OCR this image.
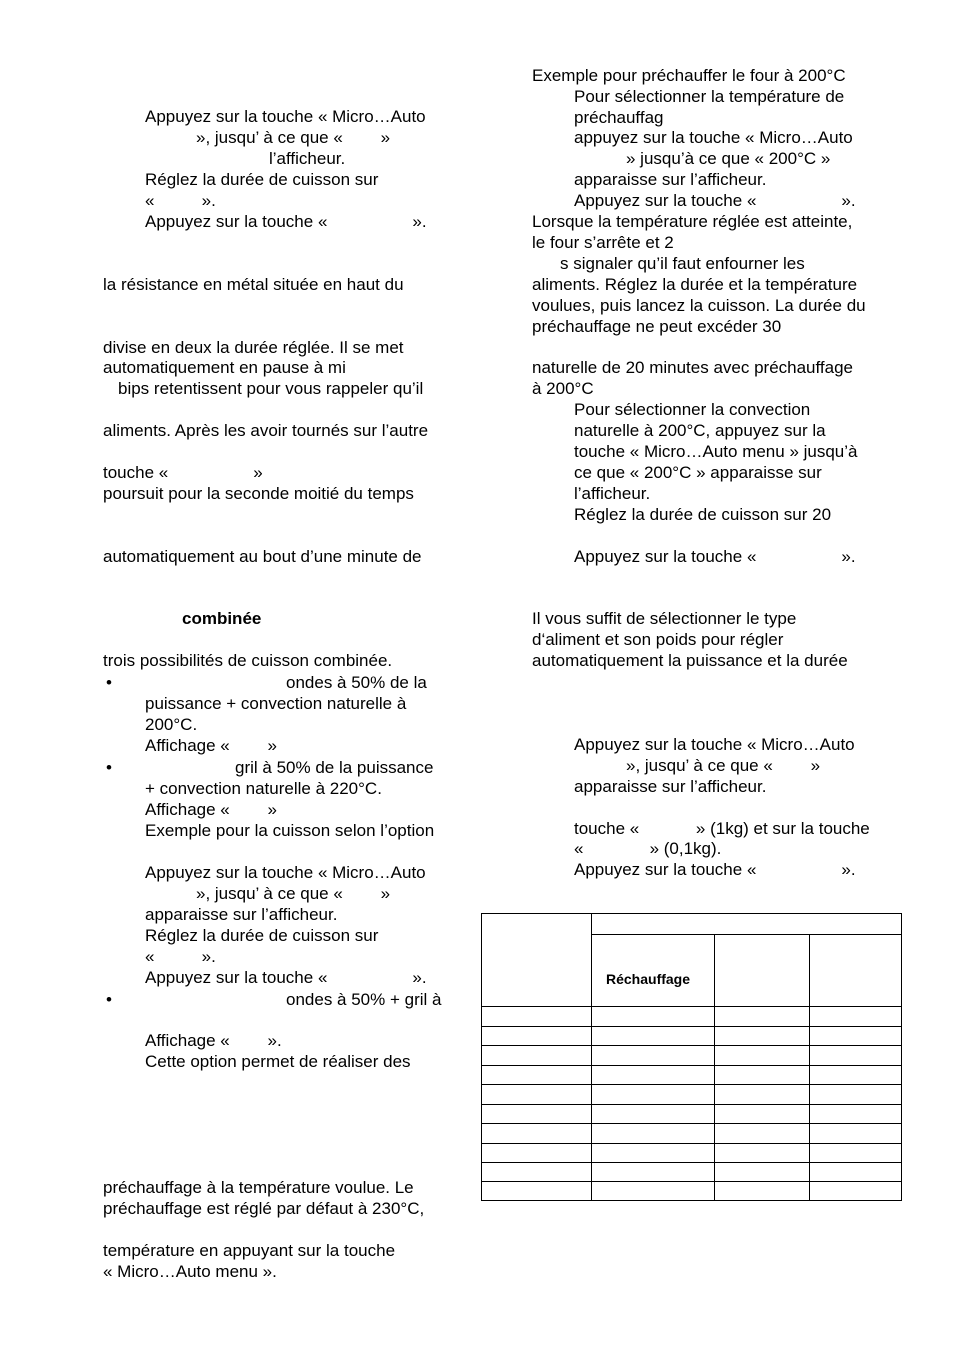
Appuyez sur la touche « Micro…Auto
», jusqu’ à ce que «        »
l’afficheur.
Réglez la durée de cuisson sur
«          ».
Appuyez sur la touche «                  ».
la résistance en métal située en haut du
divise en deux la durée réglée. Il se met
automatiquement en pause à mi
bips retentissent pour vous rappeler qu’il
aliments. Après les avoir tournés sur l’autre
touche «                  »
poursuit pour la seconde moitié du temps
automatiquement au bout d’une minute de
combinée
trois possibilités de cuisson combinée.
•	ondes à 50% de la
puissance + convection naturelle à
200°C.
Affichage «        »
•	gril à 50% de la puissance
+ convection naturelle à 220°C.
Affichage «        »
Exemple pour la cuisson selon l’option
Appuyez sur la touche « Micro…Auto
», jusqu’ à ce que «        »
apparaisse sur l’afficheur.
Réglez la durée de cuisson sur
«          ».
Appuyez sur la touche «                  ».
•	ondes à 50% + gril à
Affichage «        ».
Cette option permet de réaliser des
préchauffage à la température voulue. Le
préchauffage est réglé par défaut à 230°C,
température en appuyant sur la touche
« Micro…Auto menu ».
Exemple pour préchauffer le four à 200°C
Pour sélectionner la température de
préchauffag
appuyez sur la touche « Micro…Auto
» jusqu’à ce que « 200°C »
apparaisse sur l’afficheur.
Appuyez sur la touche «                  ».
Lorsque la température réglée est atteinte,
le four s’arrête et 2
s signaler qu’il faut enfourner les
aliments. Réglez la durée et la température
voulues, puis lancez la cuisson. La durée du
préchauffage ne peut excéder 30
naturelle de 20 minutes avec préchauffage
à 200°C
Pour sélectionner la convection
naturelle à 200°C, appuyez sur la
touche « Micro…Auto menu » jusqu’à
ce que « 200°C » apparaisse sur
l’afficheur.
Réglez la durée de cuisson sur 20
Appuyez sur la touche «                  ».
Il vous suffit de sélectionner le type
d‘aliment et son poids pour régler
automatiquement la puissance et la durée
Appuyez sur la touche « Micro…Auto
», jusqu’ à ce que «        »
apparaisse sur l’afficheur.
touche «            » (1kg) et sur la touche
«              » (0,1kg).
Appuyez sur la touche «                  ».
Réchauffage
